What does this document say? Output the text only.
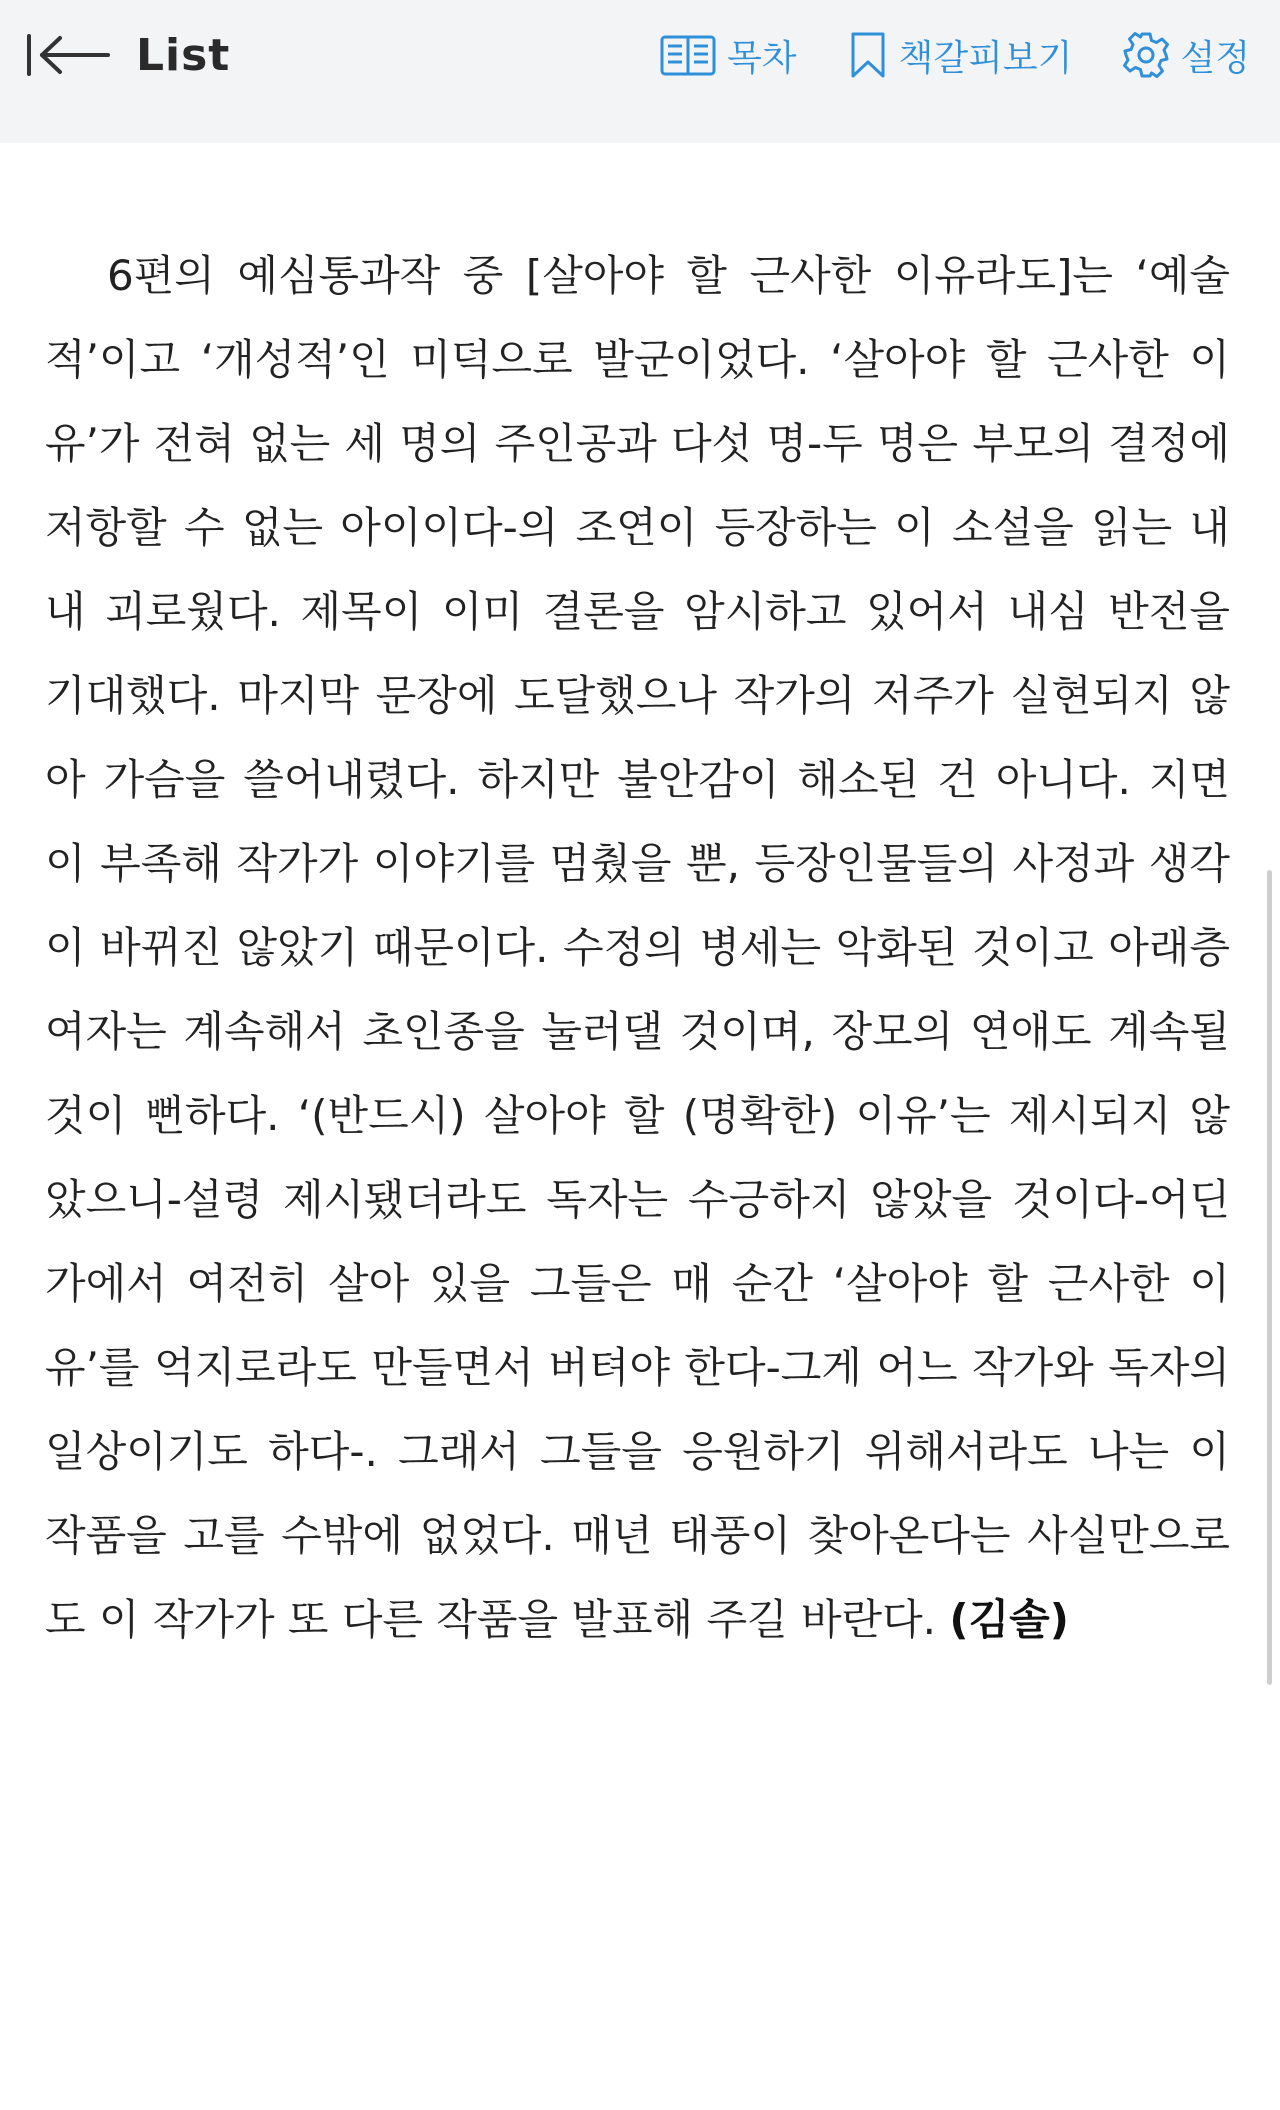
List	목차	책갈피보기	설정

6편의 예심통과작 중 [살아야 할 근사한 이유라도]는 ‘예술적’이고 ‘개성적’인 미덕으로 발군이었다. ‘살아야 할 근사한 이유’가 전혀 없는 세 명의 주인공과 다섯 명-두 명은 부모의 결정에 저항할 수 없는 아이이다-의 조연이 등장하는 이 소설을 읽는 내내 괴로웠다. 제목이 이미 결론을 암시하고 있어서 내심 반전을 기대했다. 마지막 문장에 도달했으나 작가의 저주가 실현되지 않아 가슴을 쓸어내렸다. 하지만 불안감이 해소된 건 아니다. 지면이 부족해 작가가 이야기를 멈췄을 뿐, 등장인물들의 사정과 생각이 바뀌진 않았기 때문이다. 수정의 병세는 악화된 것이고 아래층 여자는 계속해서 초인종을 눌러댈 것이며, 장모의 연애도 계속될 것이 뻔하다. ‘(반드시) 살아야 할 (명확한) 이유’는 제시되지 않았으니-설령 제시됐더라도 독자는 수긍하지 않았을 것이다-어딘가에서 여전히 살아 있을 그들은 매 순간 ‘살아야 할 근사한 이유’를 억지로라도 만들면서 버텨야 한다-그게 어느 작가와 독자의 일상이기도 하다-. 그래서 그들을 응원하기 위해서라도 나는 이 작품을 고를 수밖에 없었다. 매년 태풍이 찾아온다는 사실만으로도 이 작가가 또 다른 작품을 발표해 주길 바란다. (김솔)
